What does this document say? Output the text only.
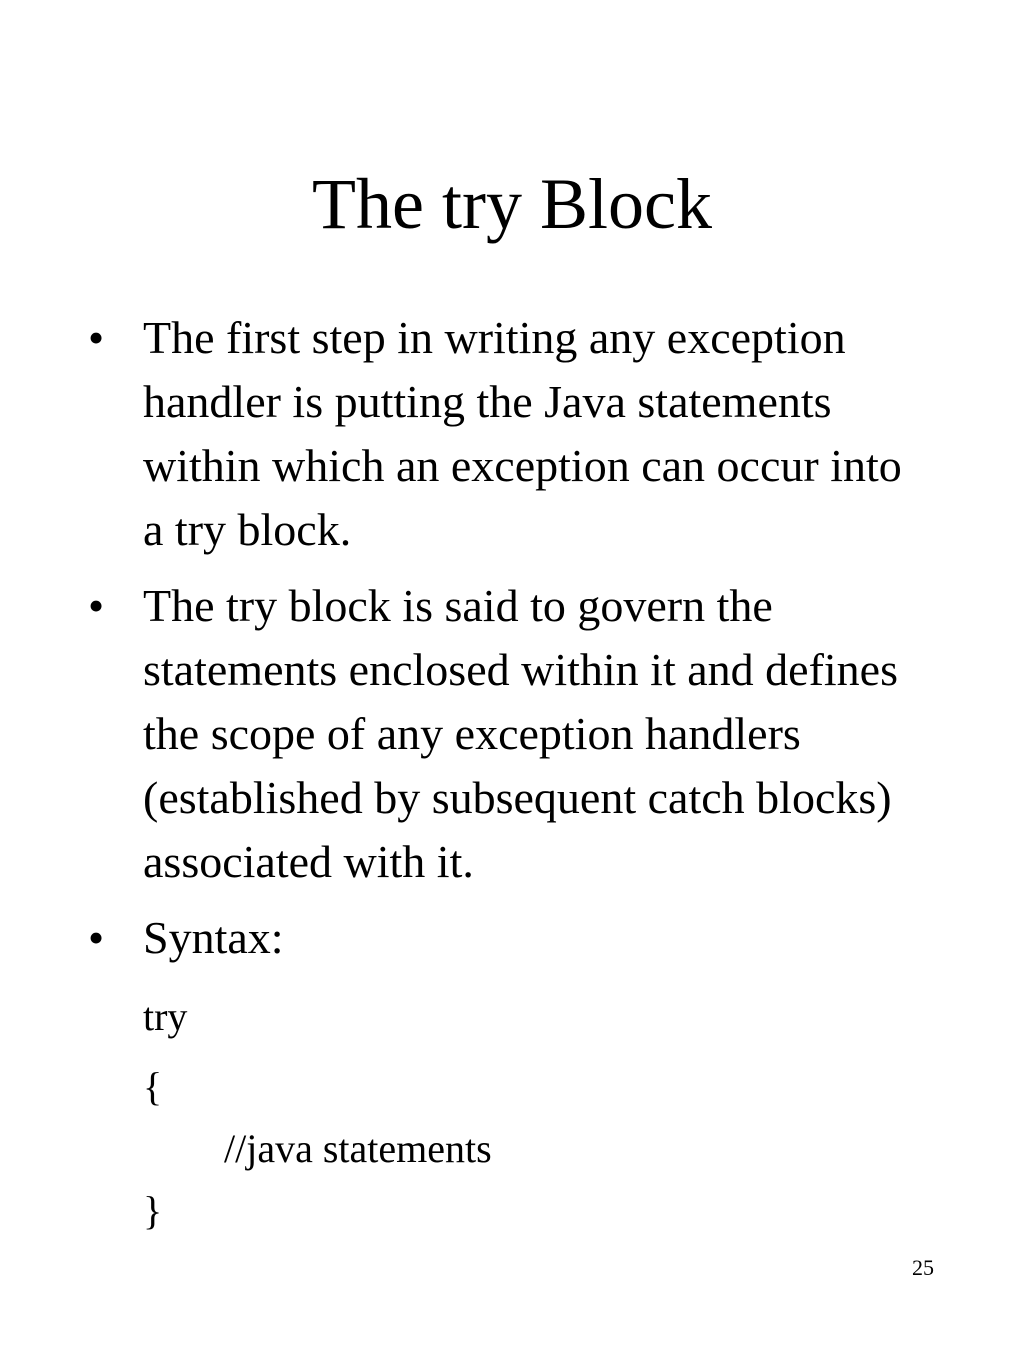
The try Block
• The first step in writing any exception handler is putting the Java statements within which an exception can occur into a try block.
• The try block is said to govern the statements enclosed within it and defines the scope of any exception handlers (established by subsequent catch blocks) associated with it.
• Syntax:
try
{
//java statements
}
25
